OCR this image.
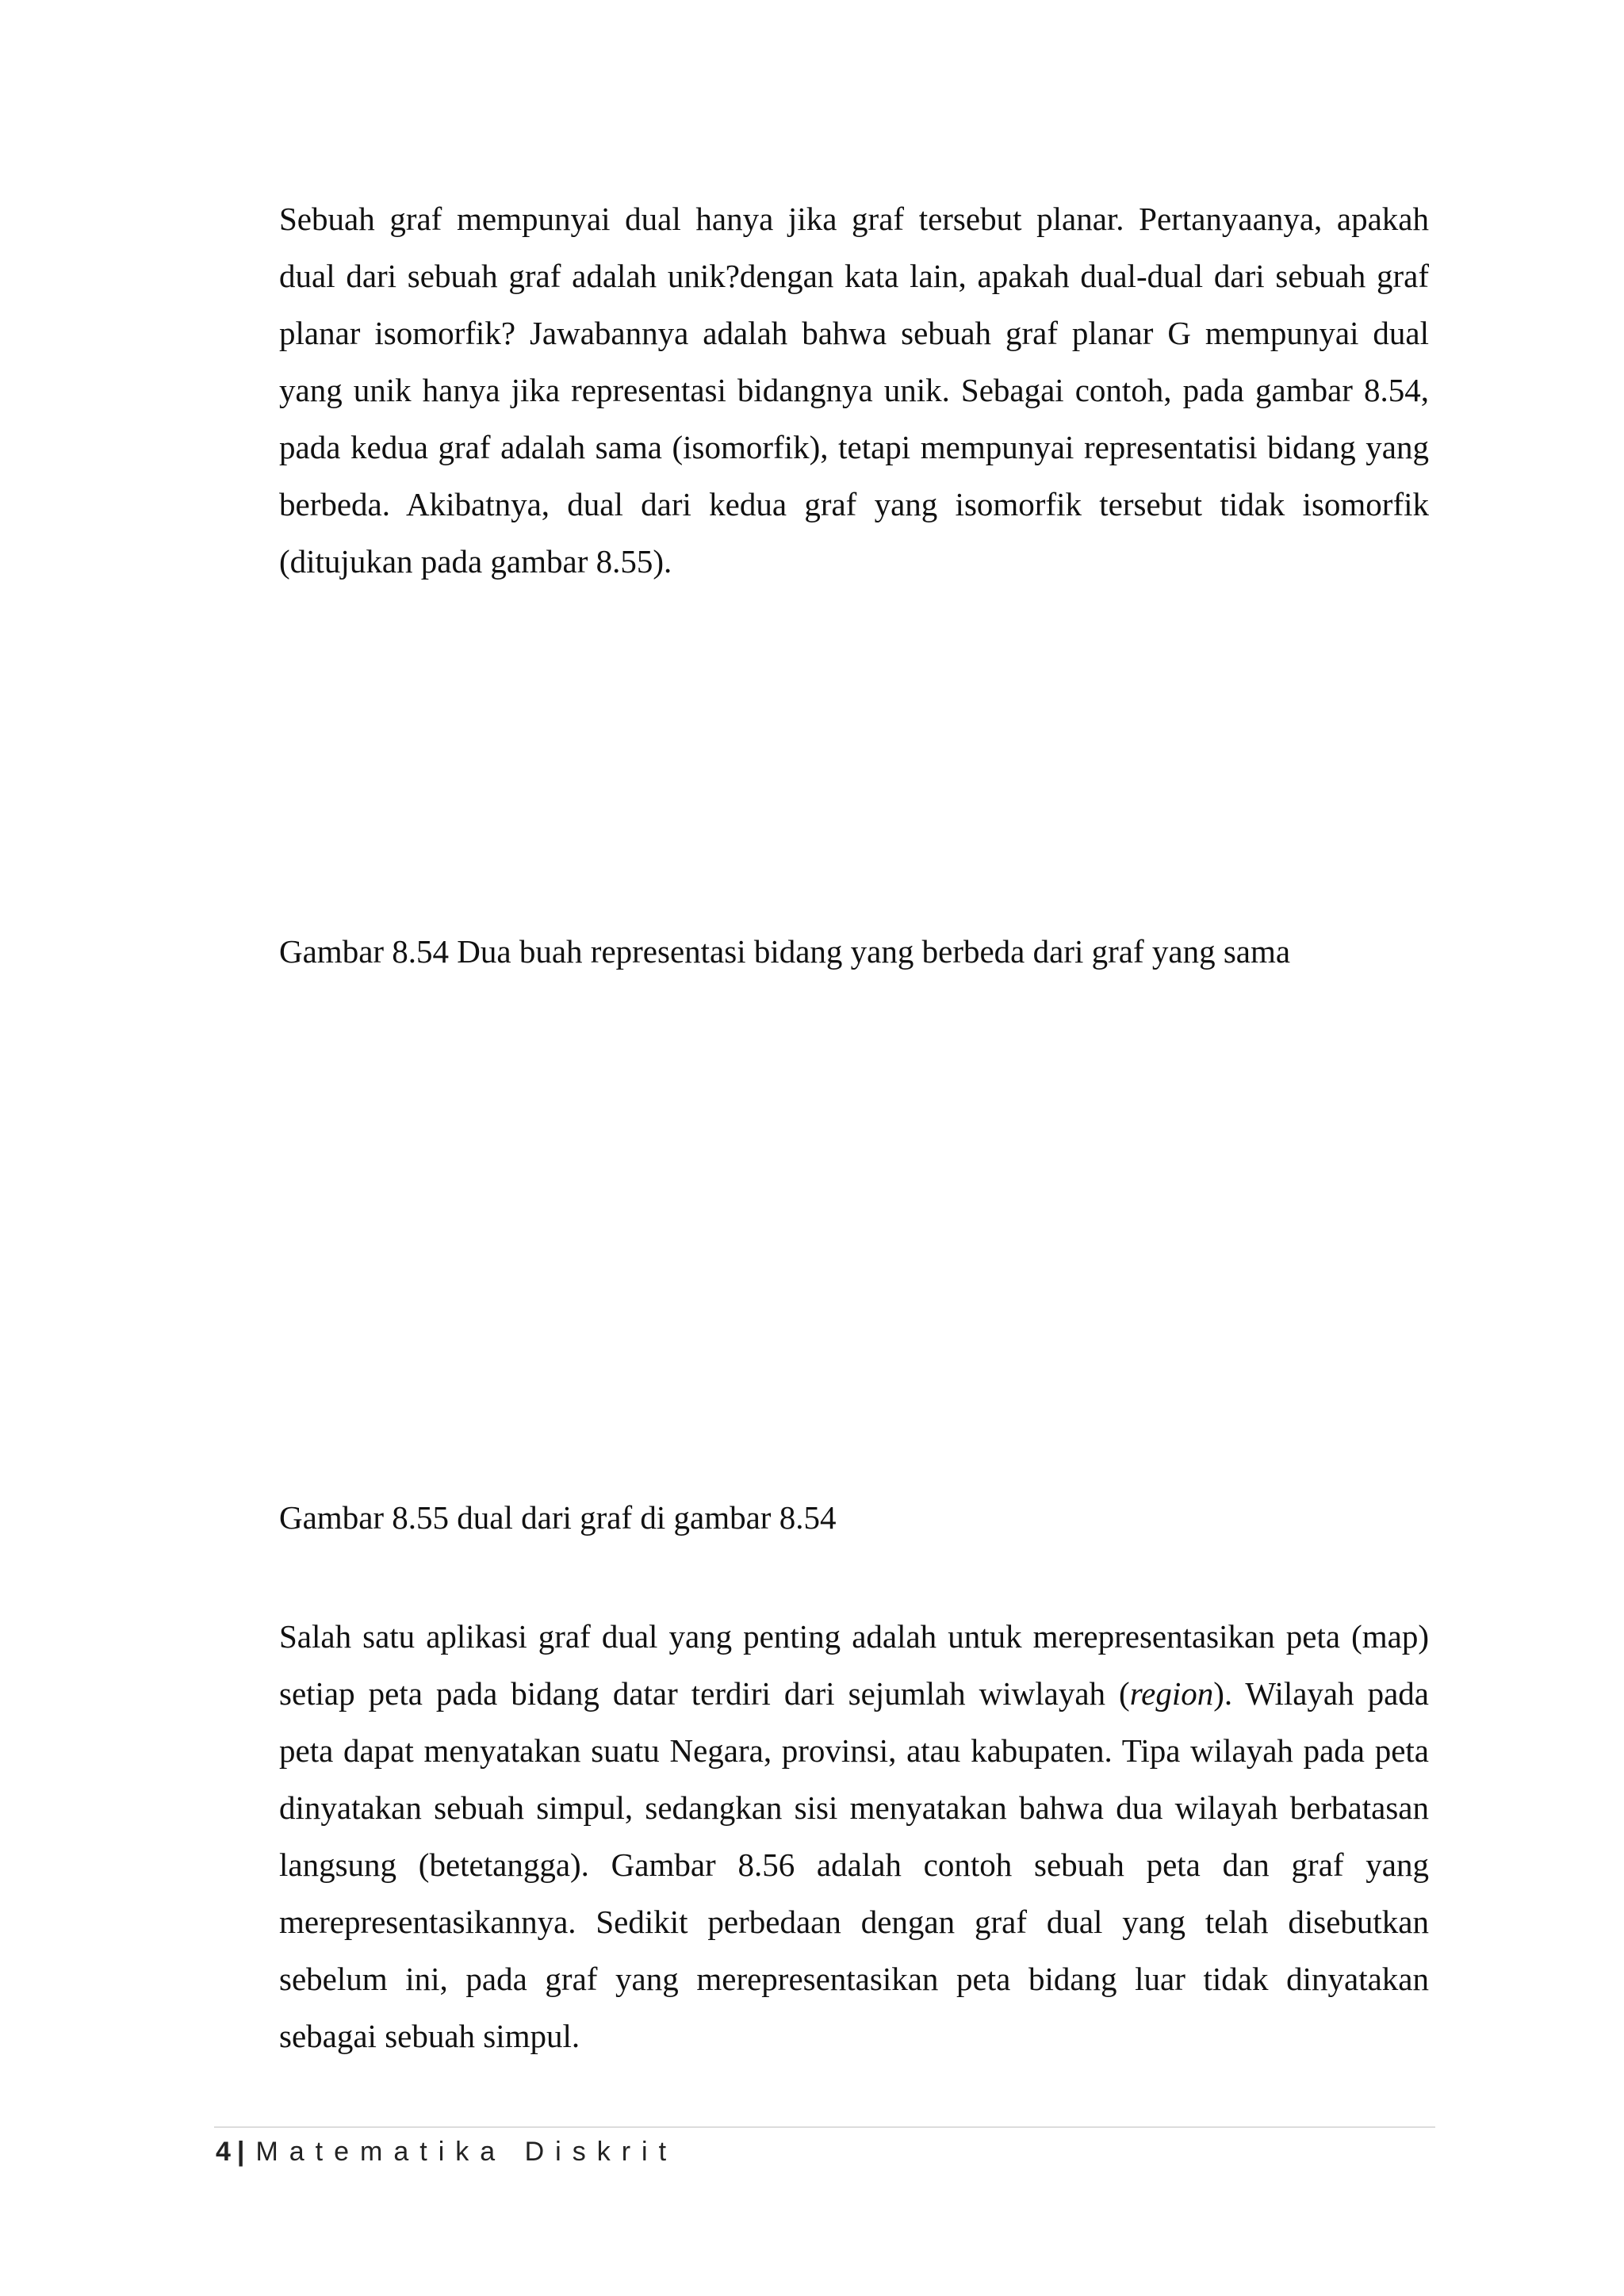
Sebuah graf mempunyai dual hanya jika graf tersebut planar. Pertanyaanya, apakah
dual dari sebuah graf adalah unik?dengan kata lain, apakah dual-dual dari sebuah graf
planar isomorfik? Jawabannya adalah bahwa sebuah graf planar G mempunyai dual
yang unik hanya jika representasi bidangnya unik. Sebagai contoh, pada gambar 8.54,
pada kedua graf adalah sama (isomorfik), tetapi mempunyai representatisi bidang yang
berbeda. Akibatnya, dual dari kedua graf yang isomorfik tersebut tidak isomorfik
(ditujukan pada gambar 8.55).

Gambar 8.54 Dua buah representasi bidang yang berbeda dari graf yang sama

Gambar 8.55 dual dari graf di gambar 8.54

Salah satu aplikasi graf dual yang penting adalah untuk merepresentasikan peta (map)
setiap peta pada bidang datar terdiri dari sejumlah wiwlayah (region). Wilayah pada
peta dapat menyatakan suatu Negara, provinsi, atau kabupaten. Tipa wilayah pada peta
dinyatakan sebuah simpul, sedangkan sisi menyatakan bahwa dua wilayah berbatasan
langsung (betetangga). Gambar 8.56 adalah contoh sebuah peta dan graf yang
merepresentasikannya. Sedikit perbedaan dengan graf dual yang telah disebutkan
sebelum ini, pada graf yang merepresentasikan peta bidang luar tidak dinyatakan
sebagai sebuah simpul.

4 | Matematika Diskrit
